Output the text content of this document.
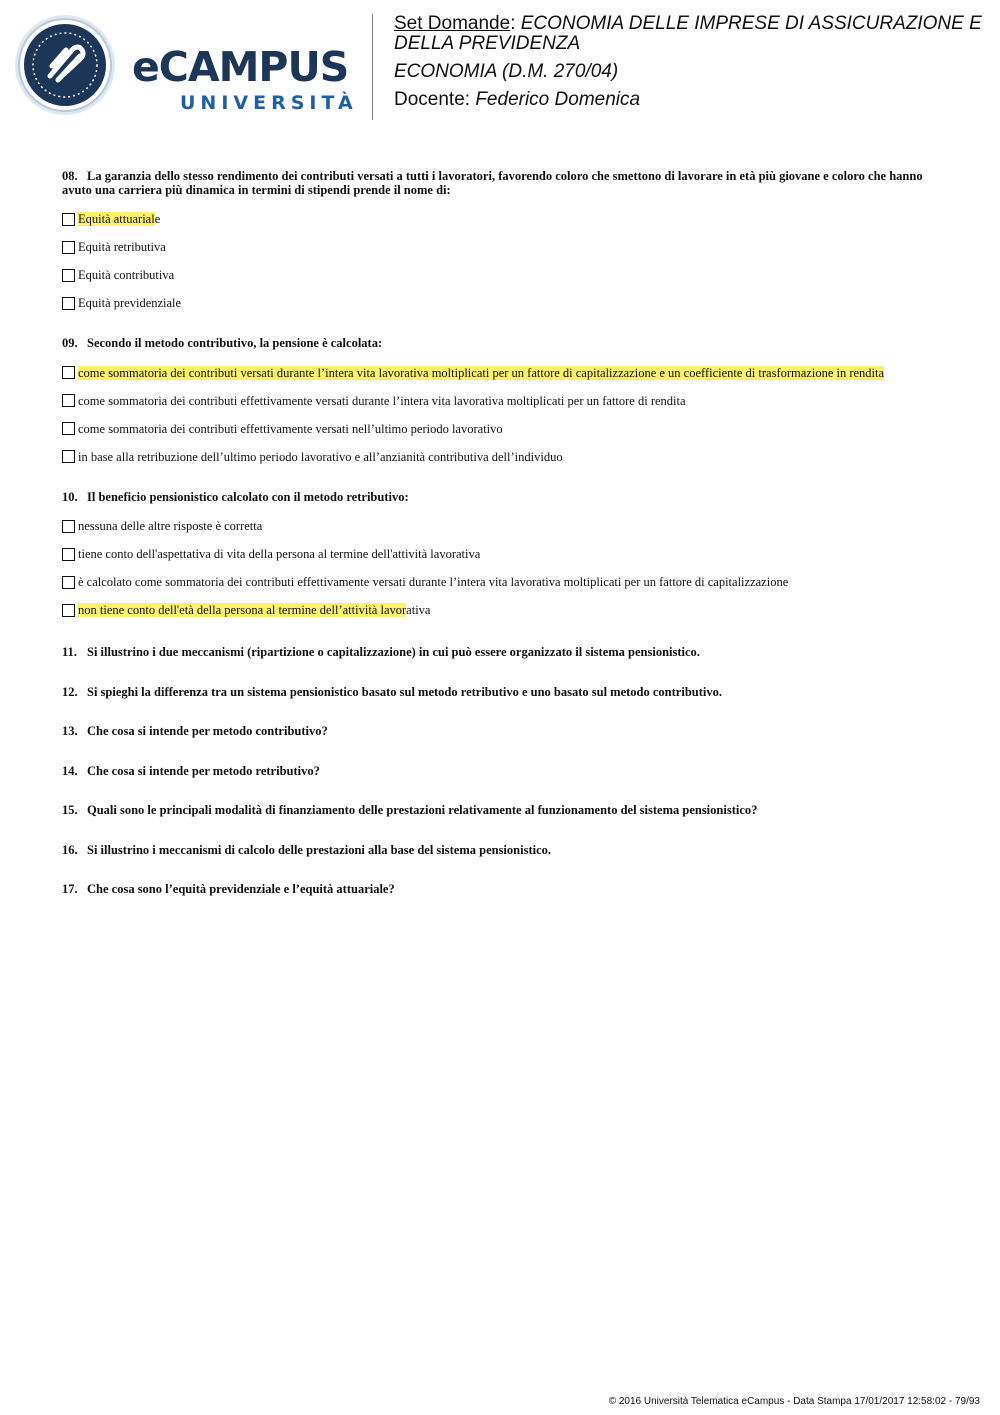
eCAMPUS
UNIVERSITÀ
Set Domande: ECONOMIA DELLE IMPRESE DI ASSICURAZIONE E DELLA PREVIDENZA
ECONOMIA (D.M. 270/04)
Docente: Federico Domenica

08. La garanzia dello stesso rendimento dei contributi versati a tutti i lavoratori, favorendo coloro che smettono di lavorare in età più giovane e coloro che hanno avuto una carriera più dinamica in termini di stipendi prende il nome di:

Equità attuariale
Equità retributiva
Equità contributiva
Equità previdenziale

09. Secondo il metodo contributivo, la pensione è calcolata:

come sommatoria dei contributi versati durante l’intera vita lavorativa moltiplicati per un fattore di capitalizzazione e un coefficiente di trasformazione in rendita
come sommatoria dei contributi effettivamente versati durante l’intera vita lavorativa moltiplicati per un fattore di rendita
come sommatoria dei contributi effettivamente versati nell’ultimo periodo lavorativo
in base alla retribuzione dell’ultimo periodo lavorativo e all’anzianità contributiva dell’individuo

10. Il beneficio pensionistico calcolato con il metodo retributivo:

nessuna delle altre risposte è corretta
tiene conto dell'aspettativa di vita della persona al termine dell'attività lavorativa
è calcolato come sommatoria dei contributi effettivamente versati durante l’intera vita lavorativa moltiplicati per un fattore di capitalizzazione
non tiene conto dell'età della persona al termine dell’attività lavorativa

11. Si illustrino i due meccanismi (ripartizione o capitalizzazione) in cui può essere organizzato il sistema pensionistico.

12. Si spieghi la differenza tra un sistema pensionistico basato sul metodo retributivo e uno basato sul metodo contributivo.

13. Che cosa si intende per metodo contributivo?

14. Che cosa si intende per metodo retributivo?

15. Quali sono le principali modalità di finanziamento delle prestazioni relativamente al funzionamento del sistema pensionistico?

16. Si illustrino i meccanismi di calcolo delle prestazioni alla base del sistema pensionistico.

17. Che cosa sono l’equità previdenziale e l’equità attuariale?

© 2016 Università Telematica eCampus - Data Stampa 17/01/2017 12:58:02 - 79/93
